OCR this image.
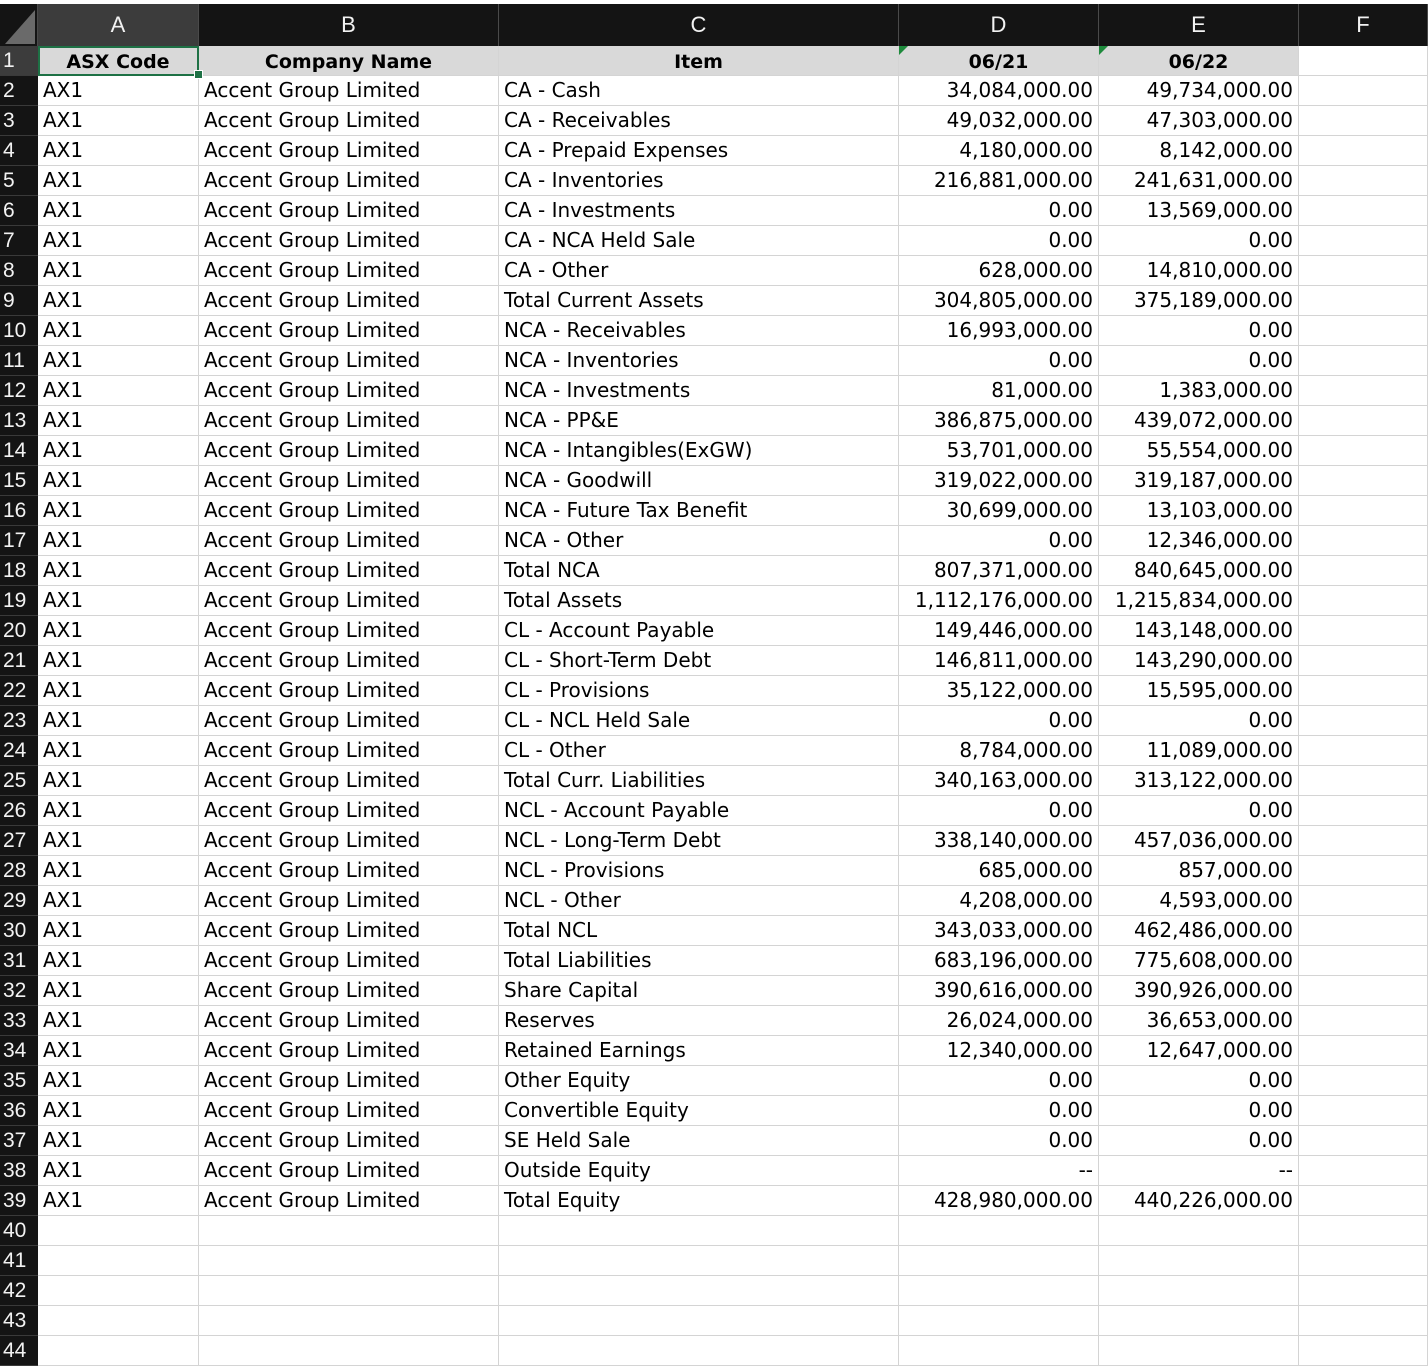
A	B	C	D	E	F
1
2
3
4
5
6
7
8
9
10
11
12
13
14
15
16
17
18
19
20
21
22
23
24
25
26
27
28
29
30
31
32
33
34
35
36
37
38
39
40
41
42
43
44
ASX Code	Company Name	Item	06/21	06/22
AX1	Accent Group Limited	CA - Cash	34,084,000.00	49,734,000.00
AX1	Accent Group Limited	CA - Receivables	49,032,000.00	47,303,000.00
AX1	Accent Group Limited	CA - Prepaid Expenses	4,180,000.00	8,142,000.00
AX1	Accent Group Limited	CA - Inventories	216,881,000.00	241,631,000.00
AX1	Accent Group Limited	CA - Investments	0.00	13,569,000.00
AX1	Accent Group Limited	CA - NCA Held Sale	0.00	0.00
AX1	Accent Group Limited	CA - Other	628,000.00	14,810,000.00
AX1	Accent Group Limited	Total Current Assets	304,805,000.00	375,189,000.00
AX1	Accent Group Limited	NCA - Receivables	16,993,000.00	0.00
AX1	Accent Group Limited	NCA - Inventories	0.00	0.00
AX1	Accent Group Limited	NCA - Investments	81,000.00	1,383,000.00
AX1	Accent Group Limited	NCA - PP&E	386,875,000.00	439,072,000.00
AX1	Accent Group Limited	NCA - Intangibles(ExGW)	53,701,000.00	55,554,000.00
AX1	Accent Group Limited	NCA - Goodwill	319,022,000.00	319,187,000.00
AX1	Accent Group Limited	NCA - Future Tax Benefit	30,699,000.00	13,103,000.00
AX1	Accent Group Limited	NCA - Other	0.00	12,346,000.00
AX1	Accent Group Limited	Total NCA	807,371,000.00	840,645,000.00
AX1	Accent Group Limited	Total Assets	1,112,176,000.00	1,215,834,000.00
AX1	Accent Group Limited	CL - Account Payable	149,446,000.00	143,148,000.00
AX1	Accent Group Limited	CL - Short-Term Debt	146,811,000.00	143,290,000.00
AX1	Accent Group Limited	CL - Provisions	35,122,000.00	15,595,000.00
AX1	Accent Group Limited	CL - NCL Held Sale	0.00	0.00
AX1	Accent Group Limited	CL - Other	8,784,000.00	11,089,000.00
AX1	Accent Group Limited	Total Curr. Liabilities	340,163,000.00	313,122,000.00
AX1	Accent Group Limited	NCL - Account Payable	0.00	0.00
AX1	Accent Group Limited	NCL - Long-Term Debt	338,140,000.00	457,036,000.00
AX1	Accent Group Limited	NCL - Provisions	685,000.00	857,000.00
AX1	Accent Group Limited	NCL - Other	4,208,000.00	4,593,000.00
AX1	Accent Group Limited	Total NCL	343,033,000.00	462,486,000.00
AX1	Accent Group Limited	Total Liabilities	683,196,000.00	775,608,000.00
AX1	Accent Group Limited	Share Capital	390,616,000.00	390,926,000.00
AX1	Accent Group Limited	Reserves	26,024,000.00	36,653,000.00
AX1	Accent Group Limited	Retained Earnings	12,340,000.00	12,647,000.00
AX1	Accent Group Limited	Other Equity	0.00	0.00
AX1	Accent Group Limited	Convertible Equity	0.00	0.00
AX1	Accent Group Limited	SE Held Sale	0.00	0.00
AX1	Accent Group Limited	Outside Equity	--	--
AX1	Accent Group Limited	Total Equity	428,980,000.00	440,226,000.00
